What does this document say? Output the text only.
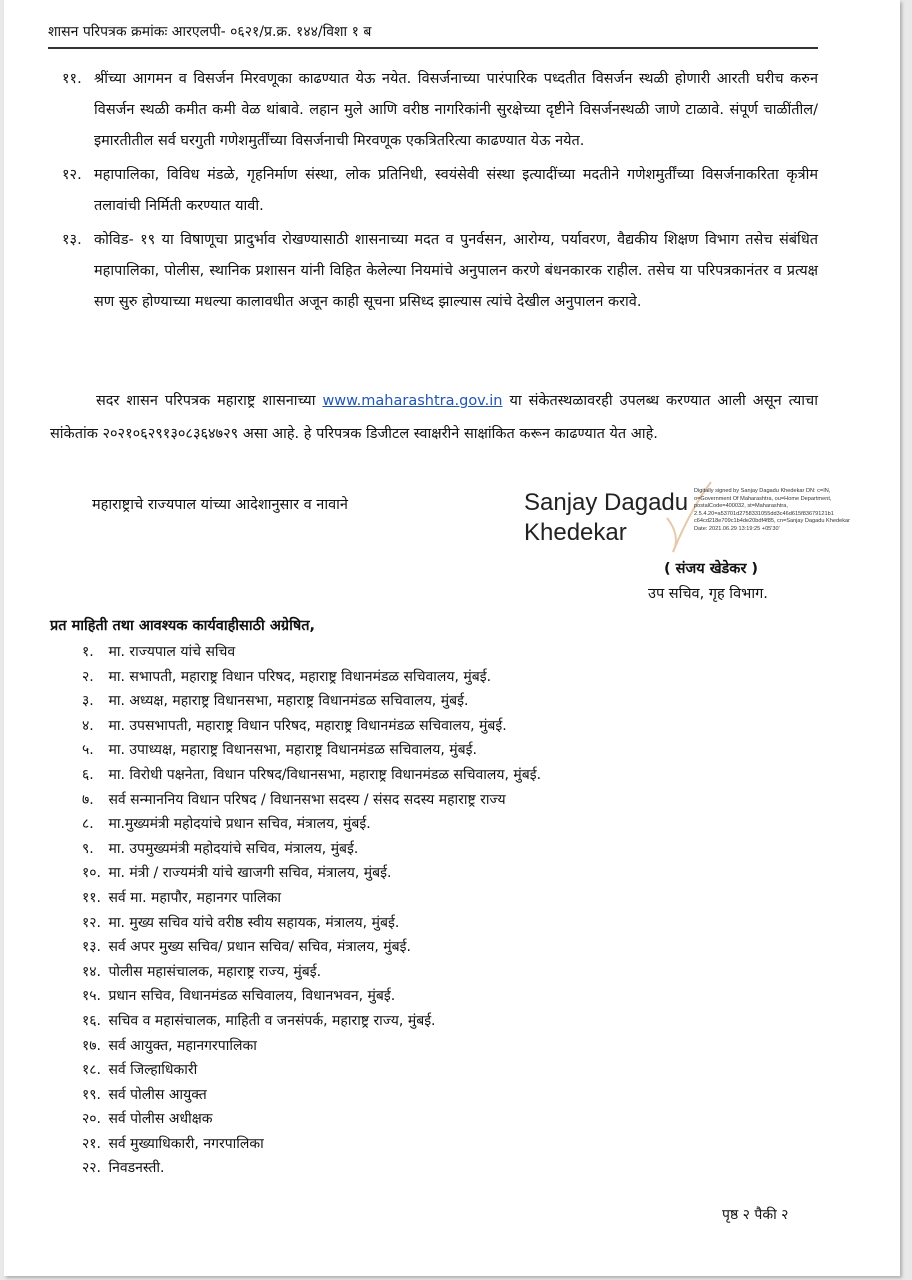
शासन परिपत्रक क्रमांकः आरएलपी- ०६२१/प्र.क्र. १४४/विशा १ ब
११. श्रींच्या आगमन व विसर्जन मिरवणूका काढण्यात येऊ नयेत. विसर्जनाच्या पारंपारिक पध्दतीत विसर्जन स्थळी होणारी आरती घरीच करुन विसर्जन स्थळी कमीत कमी वेळ थांबावे. लहान मुले आणि वरीष्ठ नागरिकांनी सुरक्षेच्या दृष्टीने विसर्जनस्थळी जाणे टाळावे. संपूर्ण चाळींतील/इमारतीतील सर्व घरगुती गणेशमुर्तींच्या विसर्जनाची मिरवणूक एकत्रितरित्या काढण्यात येऊ नयेत.
१२. महापालिका, विविध मंडळे, गृहनिर्माण संस्था, लोक प्रतिनिधी, स्वयंसेवी संस्था इत्यादींच्या मदतीने गणेशमुर्तींच्या विसर्जनाकरिता कृत्रीम तलावांची निर्मिती करण्यात यावी.
१३. कोविड- १९ या विषाणूचा प्रादुर्भाव रोखण्यासाठी शासनाच्या मदत व पुनर्वसन, आरोग्य, पर्यावरण, वैद्यकीय शिक्षण विभाग तसेच संबंधित महापालिका, पोलीस, स्थानिक प्रशासन यांनी विहित केलेल्या नियमांचे अनुपालन करणे बंधनकारक राहील. तसेच या परिपत्रकानंतर व प्रत्यक्ष सण सुरु होण्याच्या मधल्या कालावधीत अजून काही सूचना प्रसिध्द झाल्यास त्यांचे देखील अनुपालन करावे.
सदर शासन परिपत्रक महाराष्ट्र शासनाच्या www.maharashtra.gov.in या संकेतस्थळावरही उपलब्ध करण्यात आली असून त्याचा सांकेतांक २०२१०६२९१३०८३६४७२९ असा आहे. हे परिपत्रक डिजीटल स्वाक्षरीने साक्षांकित करून काढण्यात येत आहे.
महाराष्ट्राचे राज्यपाल यांच्या आदेशानुसार व नावाने	Sanjay Dagadu
Khedekar
Digitally signed by Sanjay Dagadu Khedekar DN: c=IN, o=Government Of Maharashtra, ou=Home Department, postalCode=400032, st=Maharashtra, 2.5.4.20=a53701d2758331055dd3c46d615f83679121b1 c64cd218e709c1b4de20bdf4f85, cn=Sanjay Dagadu Khedekar Date: 2021.06.29 13:19:25 +05'30'
( संजय खेडेकर )
उप सचिव, गृह विभाग.
प्रत माहिती तथा आवश्यक कार्यवाहीसाठी अग्रेषित,
१. मा. राज्यपाल यांचे सचिव
२. मा. सभापती, महाराष्ट्र विधान परिषद, महाराष्ट्र विधानमंडळ सचिवालय, मुंबई.
३. मा. अध्यक्ष, महाराष्ट्र विधानसभा, महाराष्ट्र विधानमंडळ सचिवालय, मुंबई.
४. मा. उपसभापती, महाराष्ट्र विधान परिषद, महाराष्ट्र विधानमंडळ सचिवालय, मुंबई.
५. मा. उपाध्यक्ष, महाराष्ट्र विधानसभा, महाराष्ट्र विधानमंडळ सचिवालय, मुंबई.
६. मा. विरोधी पक्षनेता, विधान परिषद/विधानसभा, महाराष्ट्र विधानमंडळ सचिवालय, मुंबई.
७. सर्व सन्माननिय विधान परिषद / विधानसभा सदस्य / संसद सदस्य महाराष्ट्र राज्य
८. मा.मुख्यमंत्री महोदयांचे प्रधान सचिव, मंत्रालय, मुंबई.
९. मा. उपमुख्यमंत्री महोदयांचे सचिव, मंत्रालय, मुंबई.
१०. मा. मंत्री / राज्यमंत्री यांचे खाजगी सचिव, मंत्रालय, मुंबई.
११. सर्व मा. महापौर, महानगर पालिका
१२. मा. मुख्य सचिव यांचे वरीष्ठ स्वीय सहायक, मंत्रालय, मुंबई.
१३. सर्व अपर मुख्य सचिव/ प्रधान सचिव/ सचिव, मंत्रालय, मुंबई.
१४. पोलीस महासंचालक, महाराष्ट्र राज्य, मुंबई.
१५. प्रधान सचिव, विधानमंडळ सचिवालय, विधानभवन, मुंबई.
१६. सचिव व महासंचालक, माहिती व जनसंपर्क, महाराष्ट्र राज्य, मुंबई.
१७. सर्व आयुक्त, महानगरपालिका
१८. सर्व जिल्हाधिकारी
१९. सर्व पोलीस आयुक्त
२०. सर्व पोलीस अधीक्षक
२१. सर्व मुख्याधिकारी, नगरपालिका
२२. निवडनस्ती.
पृष्ठ २ पैकी २
